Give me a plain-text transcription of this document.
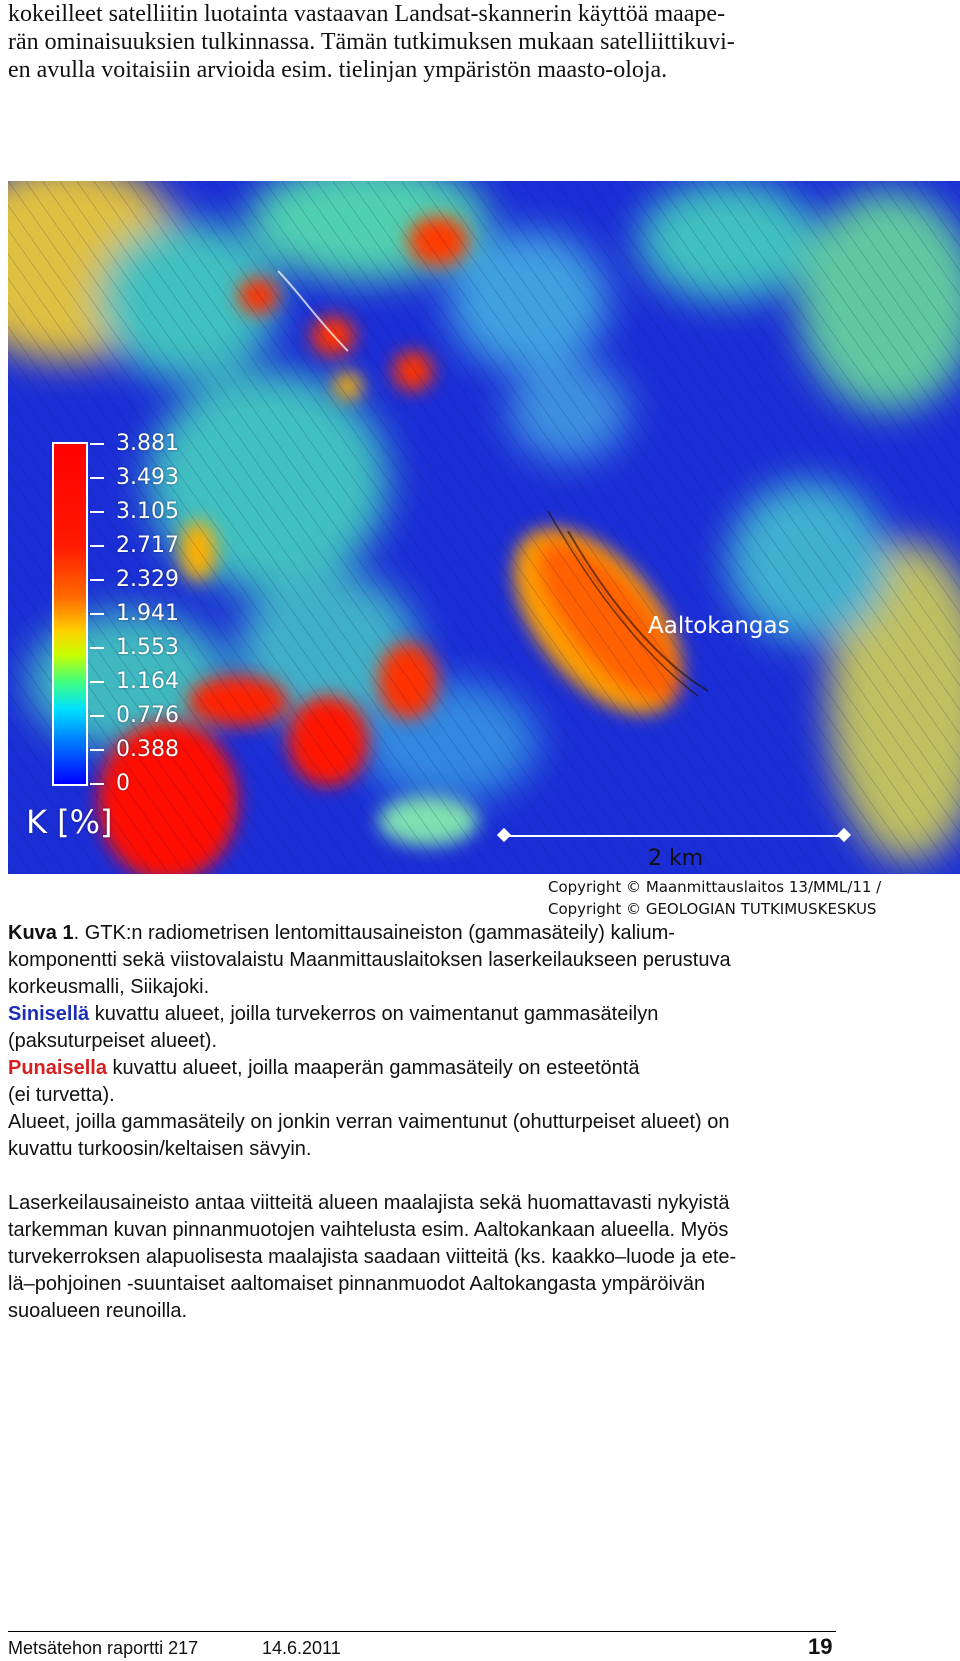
kokeilleet satelliitin luotainta vastaavan Landsat-skannerin käyttöä maape-

rän ominaisuuksien tulkinnassa. Tämän tutkimuksen mukaan satelliittikuvi-

en avulla voitaisiin arvioida esim. tielinjan ympäristön maasto-oloja.

3.881
3.493
3.105
2.717
2.329
1.941
1.553
1.164
0.776
0.388
0
K [%]
Aaltokangas
2 km
Copyright © Maanmittauslaitos 13/MML/11 /
Copyright © GEOLOGIAN TUTKIMUSKESKUS

Kuva 1. GTK:n radiometrisen lentomittausaineiston (gammasäteily) kalium-

komponentti sekä viistovalaistu Maanmittauslaitoksen laserkeilaukseen perustuva

korkeusmalli, Siikajoki.

Sinisellä kuvattu alueet, joilla turvekerros on vaimentanut gammasäteilyn

(paksuturpeiset alueet).

Punaisella kuvattu alueet, joilla maaperän gammasäteily on esteetöntä

(ei turvetta).

Alueet, joilla gammasäteily on jonkin verran vaimentunut (ohutturpeiset alueet) on

kuvattu turkoosin/keltaisen sävyin.

Laserkeilausaineisto antaa viitteitä alueen maalajista sekä huomattavasti nykyistä
tarkemman kuvan pinnanmuotojen vaihtelusta esim. Aaltokankaan alueella. Myös
turvekerroksen alapuolisesta maalajista saadaan viitteitä (ks. kaakko–luode ja ete-
lä–pohjoinen -suuntaiset aaltomaiset pinnanmuodot Aaltokangasta ympäröivän
suoalueen reunoilla.
Metsätehon raportti 217	14.6.2011	19
